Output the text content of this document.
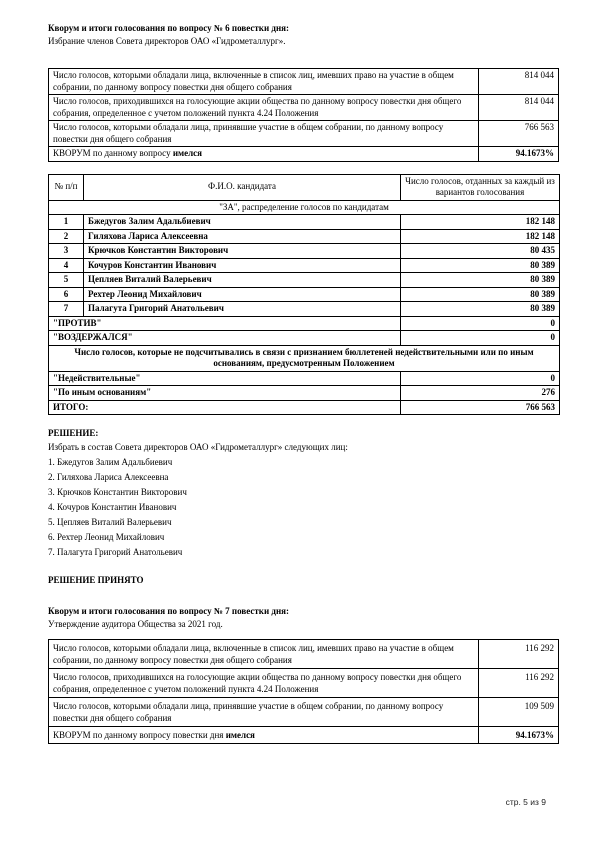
Кворум и итоги голосования по вопросу № 6 повестки дня:

Избрание членов Совета директоров ОАО «Гидрометаллург».

Число голосов, которыми обладали лица, включенные в список лиц, имевших право на участие в общем собрании, по данному вопросу повестки дня общего собрания	814 044
Число голосов, приходившихся на голосующие акции общества по данному вопросу повестки дня общего собрания, определенное с учетом положений пункта 4.24 Положения	814 044
Число голосов, которыми обладали лица, принявшие участие в общем собрании, по данному вопросу повестки дня общего собрания	766 563
КВОРУМ по данному вопросу имелся	94.1673%
№ п/п	Ф.И.О. кандидата	Число голосов, отданных за каждый из вариантов голосования
"ЗА", распределение голосов по кандидатам		
1	Бжедугов Залим Адальбиевич	182 148
2	Гиляхова Лариса Алексеевна	182 148
3	Крючков Константин Викторович	80 435
4	Кочуров Константин Иванович	80 389
5	Цепляев Виталий Валерьевич	80 389
6	Рехтер Леонид Михайлович	80 389
7	Палагута Григорий Анатольевич	80 389
"ПРОТИВ"		0
"ВОЗДЕРЖАЛСЯ"		0
Число голосов, которые не подсчитывались в связи с признанием бюллетеней недействительными или по иным основаниям, предусмотренным Положением		
"Недействительные"		0
"По иным основаниям"		276
ИТОГО:		766 563

РЕШЕНИЕ:

Избрать в состав Совета директоров ОАО «Гидрометаллург» следующих лиц:

1. Бжедугов Залим Адальбиевич

2. Гиляхова Лариса Алексеевна

3. Крючков Константин Викторович

4. Кочуров Константин Иванович

5. Цепляев Виталий Валерьевич

6. Рехтер Леонид Михайлович

7. Палагута Григорий Анатольевич

РЕШЕНИЕ ПРИНЯТО

Кворум и итоги голосования по вопросу № 7 повестки дня:

Утверждение аудитора Общества за 2021 год.

Число голосов, которыми обладали лица, включенные в список лиц, имевших право на участие в общем собрании, по данному вопросу повестки дня общего собрания	116 292
Число голосов, приходившихся на голосующие акции общества по данному вопросу повестки дня общего собрания, определенное с учетом положений пункта 4.24 Положения	116 292
Число голосов, которыми обладали лица, принявшие участие в общем собрании, по данному вопросу повестки дня общего собрания	109 509
КВОРУМ по данному вопросу повестки дня имелся	94.1673%
стр. 5 из 9
